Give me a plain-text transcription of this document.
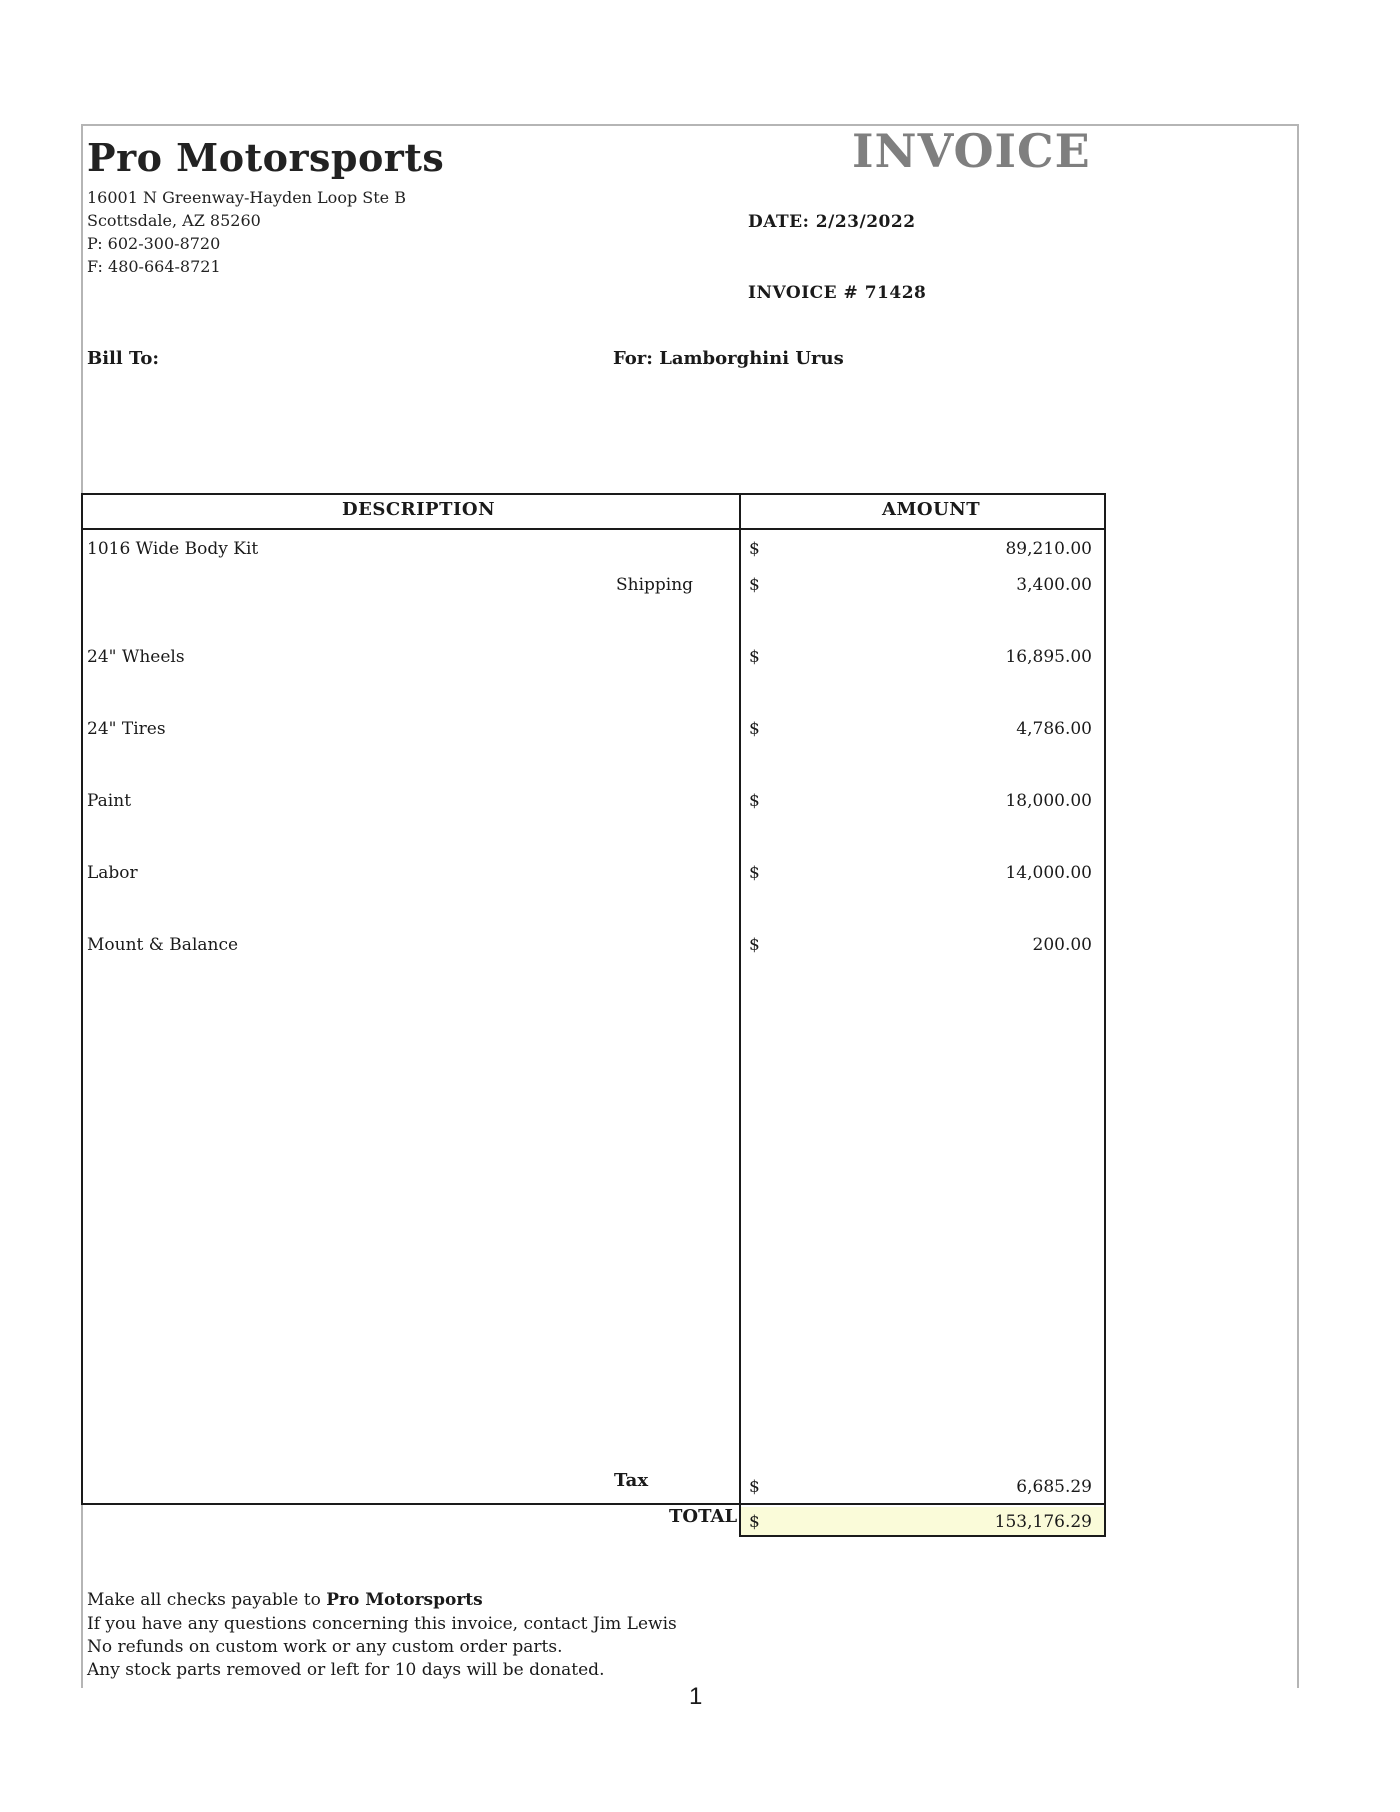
Pro Motorsports	INVOICE
16001 N Greenway-Hayden Loop Ste B
Scottsdale, AZ 85260
P: 602-300-8720
F: 480-664-8721
DATE: 2/23/2022
INVOICE # 71428
Bill To:	For: Lamborghini Urus
DESCRIPTION	AMOUNT
1016 Wide Body Kit	$	89,210.00
Shipping	$	3,400.00
24" Wheels	$	16,895.00
24" Tires	$	4,786.00
Paint	$	18,000.00
Labor	$	14,000.00
Mount & Balance	$	200.00
Tax	$	6,685.29
TOTAL $	153,176.29
Make all checks payable to Pro Motorsports
If you have any questions concerning this invoice, contact Jim Lewis
No refunds on custom work or any custom order parts.
Any stock parts removed or left for 10 days will be donated.
1
